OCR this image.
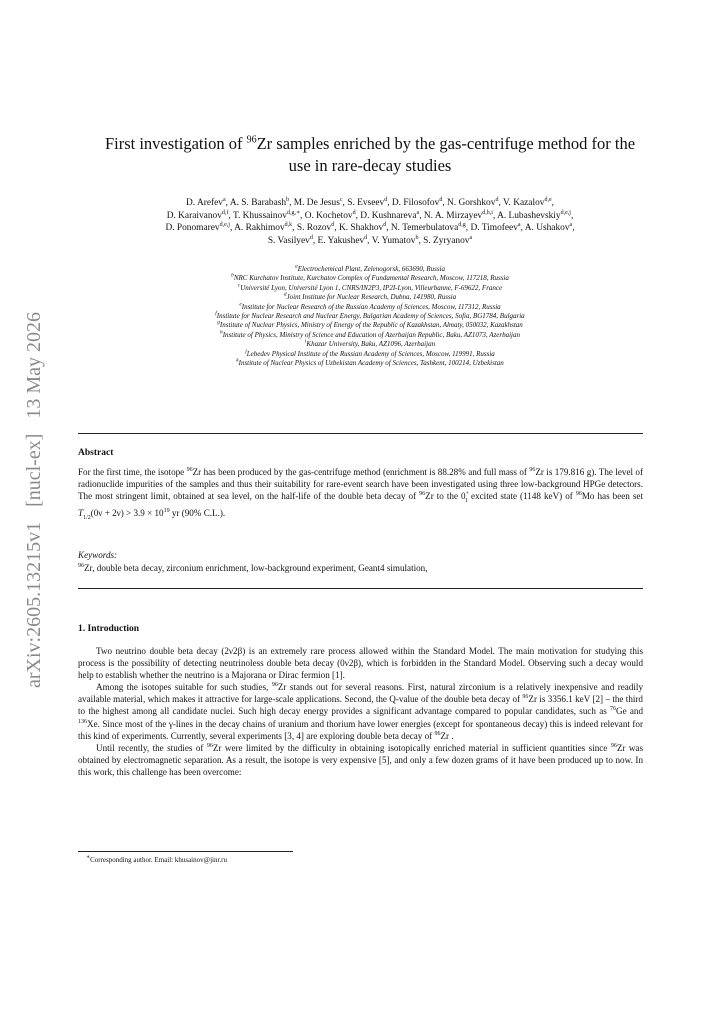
arXiv:2605.13215v1 [nucl-ex] 13 May 2026
First investigation of $^{96}$Zr samples enriched by the gas-centrifuge method for the
use in rare-decay studies
D. Arefev$^a$, A. S. Barabash$^b$, M. De Jesus$^c$, S. Evseev$^d$, D. Filosofov$^d$, N. Gorshkov$^d$, V. Kazalov$^{d,e}$,
D. Karaivanov$^{d,f}$, T. Khussainov$^{d,g,∗}$, O. Kochetov$^d$, D. Kushnareva$^a$, N. A. Mirzayev$^{d,h,i}$, A. Lubashevskiy$^{d,e,j}$,
D. Ponomarev$^{d,e,j}$, A. Rakhimov$^{d,k}$, S. Rozov$^d$, K. Shakhov$^d$, N. Temerbulatova$^{d,g}$, D. Timofeev$^a$, A. Ushakov$^a$,
S. Vasilyev$^d$, E. Yakushev$^d$, V. Yumatov$^b$, S. Zyryanov$^a$
$^a$Electrochemical Plant, Zelenogorsk, 663690, Russia
$^b$NRC Kurchatov Institute, Kurchatov Complex of Fundamental Research, Moscow, 117218, Russia
$^c$Université Lyon, Université Lyon 1, CNRS/IN2P3, IP2I-Lyon, Villeurbanne, F-69622, France
$^d$Joint Institute for Nuclear Research, Dubna, 141980, Russia
$^e$Institute for Nuclear Research of the Russian Academy of Sciences, Moscow, 117312, Russia
$^f$Institute for Nuclear Research and Nuclear Energy, Bulgarian Academy of Sciences, Sofia, BG1784, Bulgaria
$^g$Institute of Nuclear Physics, Ministry of Energy of the Republic of Kazakhstan, Almaty, 050032, Kazakhstan
$^h$Institute of Physics, Ministry of Science and Education of Azerbaijan Republic, Baku, AZ1073, Azerbaijan
$^i$Khazar University, Baku, AZ1096, Azerbaijan
$^j$Lebedev Physical Institute of the Russian Academy of Sciences, Moscow, 119991, Russia
$^k$Institute of Nuclear Physics of Uzbekistan Academy of Sciences, Tashkent, 100214, Uzbekistan
Abstract
For the first time, the isotope $^{96}$Zr has been produced by the gas-centrifuge method (enrichment is 88.28% and full mass of $^{96}$Zr is 179.816 g). The level of radionuclide impurities of the samples and thus their suitability for rare-event search have been investigated using three low-background HPGe detectors. The most stringent limit, obtained at sea level, on the half-life of the double beta decay of $^{96}$Zr to the $0^+_1$ excited state (1148 keV) of $^{96}$Mo has been set $T_{1/2}(0\nu + 2\nu) > 3.9 \times 10^{19}$ yr (90% C.L.).
Keywords:
$^{96}$Zr, double beta decay, zirconium enrichment, low-background experiment, Geant4 simulation,
1. Introduction

Two neutrino double beta decay (2ν2β) is an extremely rare process allowed within the Standard Model. The main motivation for studying this process is the possibility of detecting neutrinoless double beta decay (0ν2β), which is forbidden in the Standard Model. Observing such a decay would help to establish whether the neutrino is a Majorana or Dirac fermion [1].

Among the isotopes suitable for such studies, $^{96}$Zr stands out for several reasons. First, natural zirconium is a relatively inexpensive and readily available material, which makes it attractive for large-scale applications. Second, the Q-value of the double beta decay of $^{96}$Zr is 3356.1 keV [2] – the third to the highest among all candidate nuclei. Such high decay energy provides a significant advantage compared to popular candidates, such as $^{76}$Ge and $^{136}$Xe. Since most of the γ-lines in the decay chains of uranium and thorium have lower energies (except for spontaneous decay) this is indeed relevant for this kind of experiments. Currently, several experiments [3, 4] are exploring double beta decay of $^{96}$Zr .

Until recently, the studies of $^{96}$Zr were limited by the difficulty in obtaining isotopically enriched material in sufficient quantities since $^{96}$Zr was obtained by electromagnetic separation. As a result, the isotope is very expensive [5], and only a few dozen grams of it have been produced up to now. In this work, this challenge has been overcome:

∗Corresponding author. Email: khusainov@jinr.ru
